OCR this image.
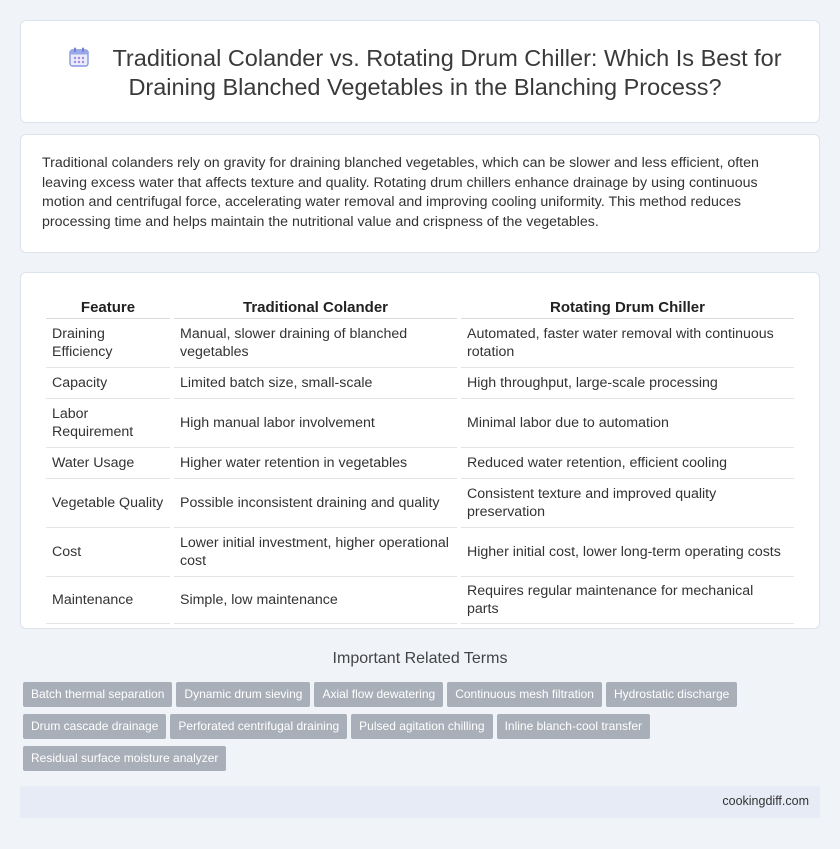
Traditional Colander vs. Rotating Drum Chiller: Which Is Best for
Draining Blanched Vegetables in the Blanching Process?

Traditional colanders rely on gravity for draining blanched vegetables, which can be slower and less efficient, often leaving excess water that affects texture and quality. Rotating drum chillers enhance drainage by using continuous motion and centrifugal force, accelerating water removal and improving cooling uniformity. This method reduces processing time and helps maintain the nutritional value and crispness of the vegetables.

Feature	Traditional Colander	Rotating Drum Chiller
Draining Efficiency	Manual, slower draining of blanched vegetables	Automated, faster water removal with continuous rotation
Capacity	Limited batch size, small-scale	High throughput, large-scale processing
Labor Requirement	High manual labor involvement	Minimal labor due to automation
Water Usage	Higher water retention in vegetables	Reduced water retention, efficient cooling
Vegetable Quality	Possible inconsistent draining and quality	Consistent texture and improved quality preservation
Cost	Lower initial investment, higher operational cost	Higher initial cost, lower long-term operating costs
Maintenance	Simple, low maintenance	Requires regular maintenance for mechanical parts
Important Related Terms
Batch thermal separation Dynamic drum sieving Axial flow dewatering Continuous mesh filtration Hydrostatic discharge
Drum cascade drainage Perforated centrifugal draining Pulsed agitation chilling Inline blanch-cool transfer
Residual surface moisture analyzer
cookingdiff.com
